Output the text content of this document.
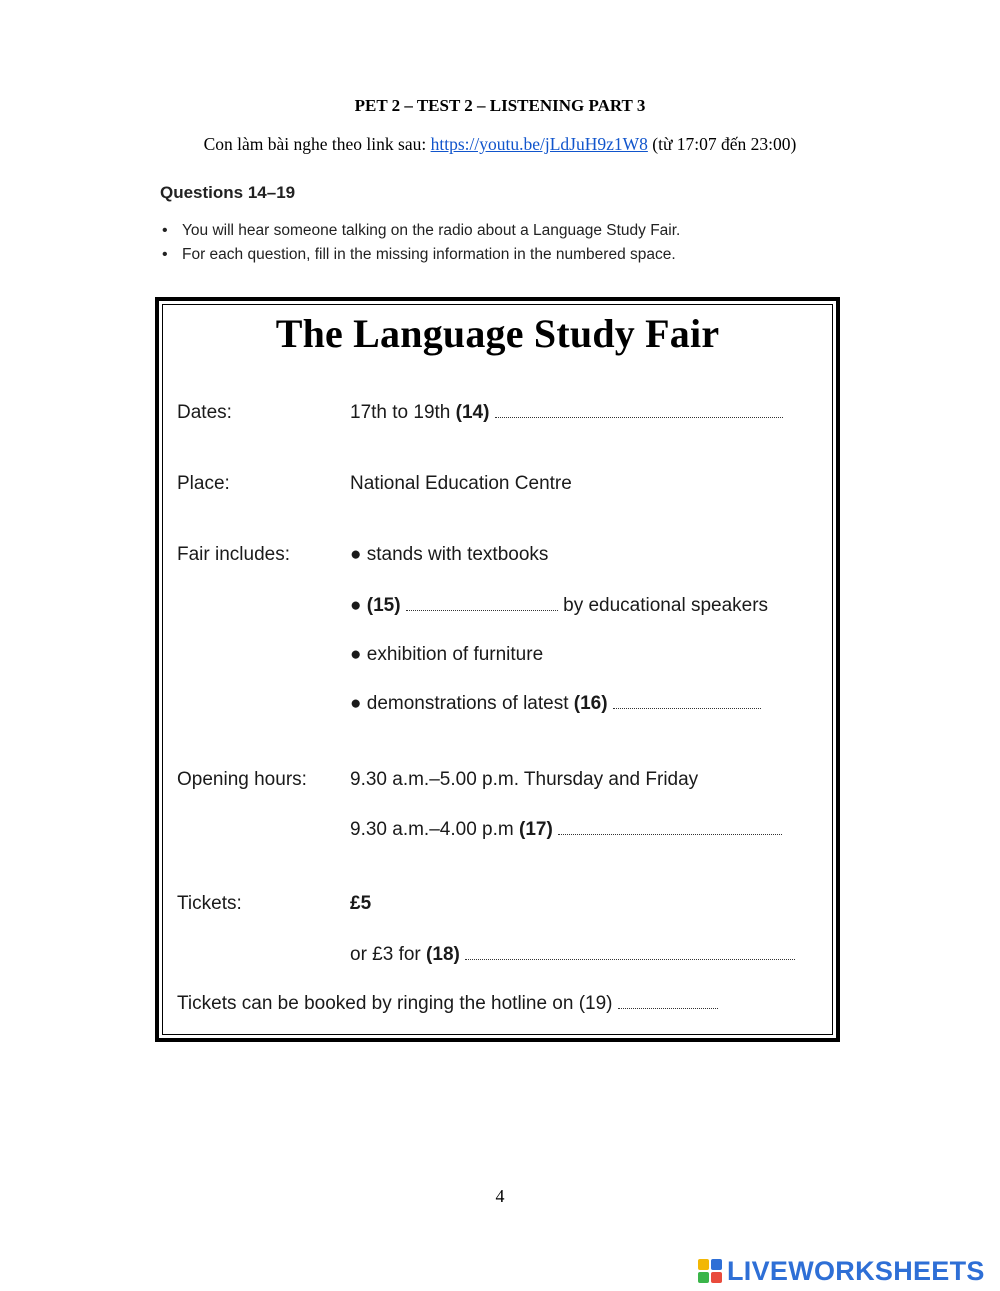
PET 2 – TEST 2 – LISTENING PART 3
Con làm bài nghe theo link sau: https://youtu.be/jLdJuH9z1W8 (từ 17:07 đến 23:00)
Questions 14–19
• You will hear someone talking on the radio about a Language Study Fair.
• For each question, fill in the missing information in the numbered space.
The Language Study Fair
Dates:	17th to 19th (14)
Place:	National Education Centre
Fair includes:	● stands with textbooks
● (15)	by educational speakers
● exhibition of furniture
● demonstrations of latest (16)
Opening hours: 9.30 a.m.–5.00 p.m. Thursday and Friday
9.30 a.m.–4.00 p.m (17)
Tickets:	£5
or £3 for (18)
Tickets can be booked by ringing the hotline on (19)
4
LIVEWORKSHEETS
